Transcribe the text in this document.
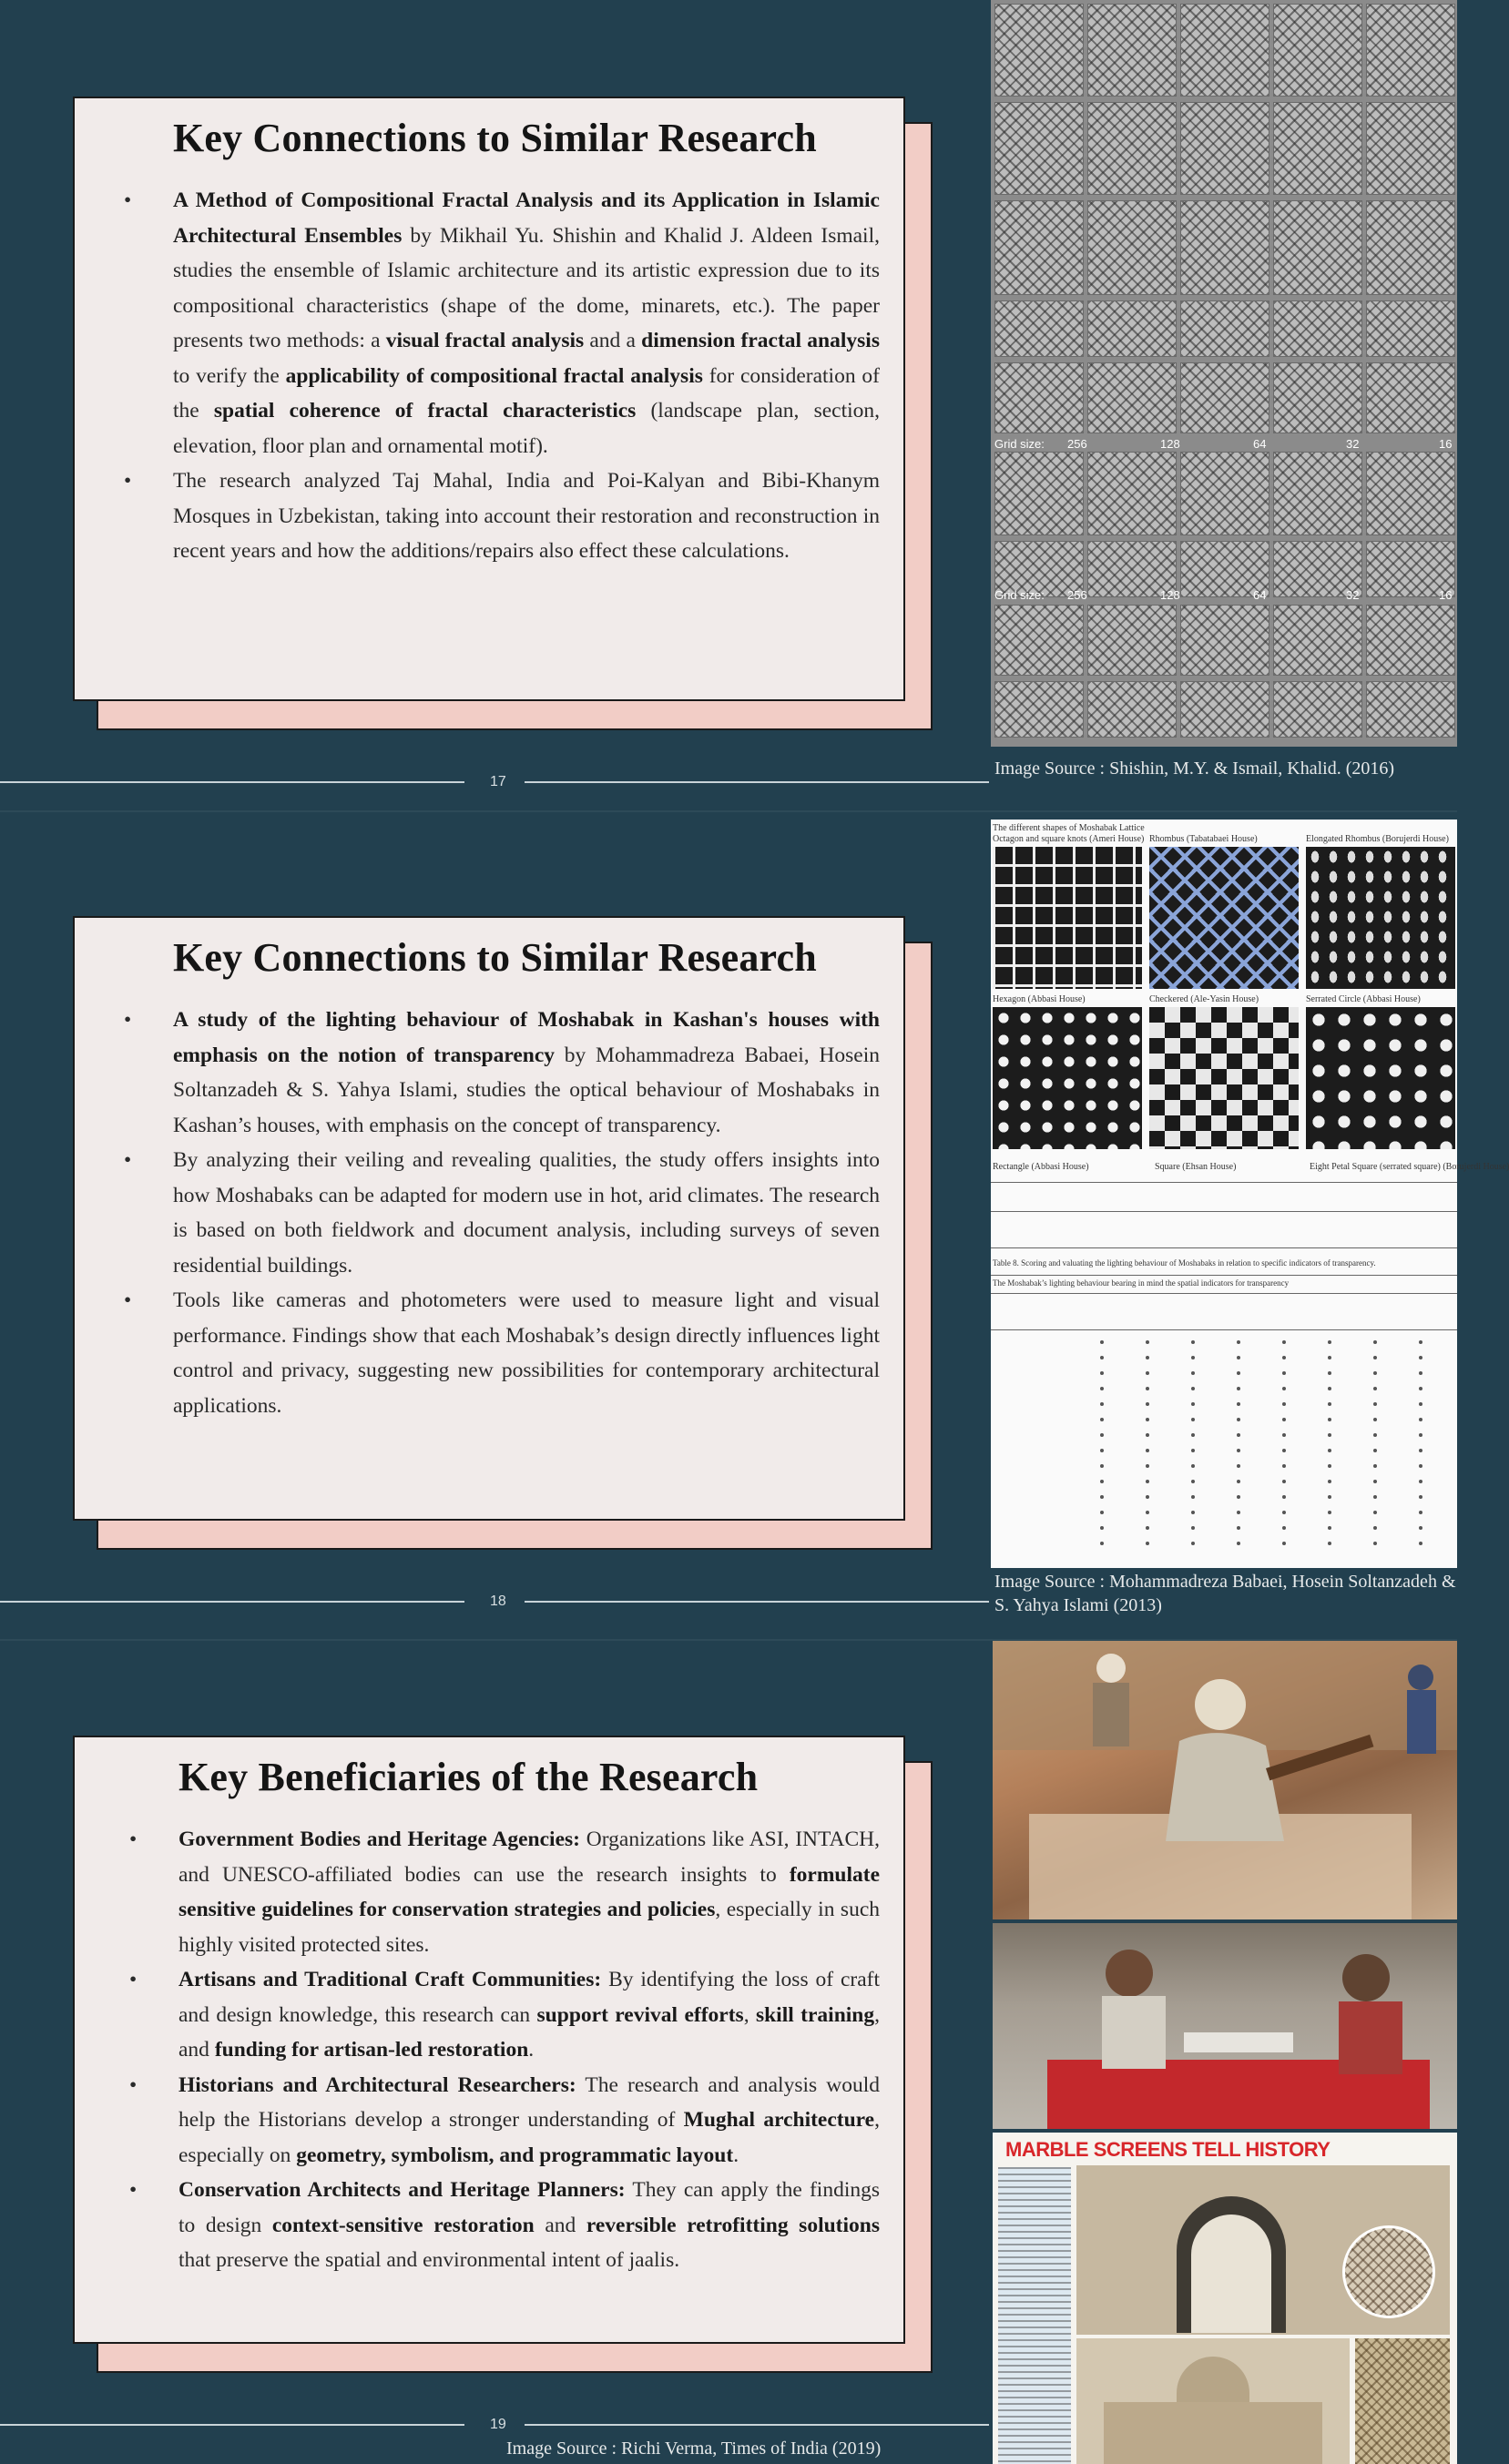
Key Connections to Similar Research
• A Method of Compositional Fractal Analysis and its Application in Islamic Architectural Ensembles by Mikhail Yu. Shishin and Khalid J. Aldeen Ismail, studies the ensemble of Islamic architecture and its artistic expression due to its compositional characteristics (shape of the dome, minarets, etc.). The paper presents two methods: a visual fractal analysis and a dimension fractal analysis to verify the applicability of compositional fractal analysis for consideration of the spatial coherence of fractal characteristics (landscape plan, section, elevation, floor plan and ornamental motif).
• The research analyzed Taj Mahal, India and Poi-Kalyan and Bibi-Khanym Mosques in Uzbekistan, taking into account their restoration and reconstruction in recent years and how the additions/repairs also effect these calculations.
17
Grid size:
Grid size:
256	128	64	32	16
256	128	64	32	16
Image Source : Shishin, M.Y. & Ismail, Khalid. (2016)
Key Connections to Similar Research
• A study of the lighting behaviour of Moshabak in Kashan's houses with emphasis on the notion of transparency by Mohammadreza Babaei, Hosein Soltanzadeh & S. Yahya Islami, studies the optical behaviour of Moshabaks in Kashan’s houses, with emphasis on the concept of transparency.
• By analyzing their veiling and revealing qualities, the study offers insights into how Moshabaks can be adapted for modern use in hot, arid climates. The research is based on both fieldwork and document analysis, including surveys of seven residential buildings.
• Tools like cameras and photometers were used to measure light and visual performance. Findings show that each Moshabak’s design directly influences light control and privacy, suggesting new possibilities for contemporary architectural applications.
18
The different shapes of Moshabak Lattice
Octagon and square knots (Ameri House) Rhombus (Tabatabaei House)	Elongated Rhombus (Borujerdi House)
Hexagon (Abbasi House)	Checkered (Ale-Yasin House)	Serrated Circle (Abbasi House)
Rectangle (Abbasi House)	Square (Ehsan House)	Eight Petal Square (serrated square) (Borujerdi House)
Table 8. Scoring and valuating the lighting behaviour of Moshabaks in relation to specific indicators of transparency.
The Moshabak’s lighting behaviour bearing in mind the spatial indicators for transparency
Image Source : Mohammadreza Babaei, Hosein Soltanzadeh &
S. Yahya Islami (2013)
Key Beneficiaries of the Research
• Government Bodies and Heritage Agencies: Organizations like ASI, INTACH, and UNESCO-affiliated bodies can use the research insights to formulate sensitive guidelines for conservation strategies and policies, especially in such highly visited protected sites.
• Artisans and Traditional Craft Communities: By identifying the loss of craft and design knowledge, this research can support revival efforts, skill training, and funding for artisan-led restoration.
• Historians and Architectural Researchers: The research and analysis would help the Historians develop a stronger understanding of Mughal architecture, especially on geometry, symbolism, and programmatic layout.
• Conservation Architects and Heritage Planners: They can apply the findings to design context-sensitive restoration and reversible retrofitting solutions that preserve the spatial and environmental intent of jaalis.
19
Image Source : Richi Verma, Times of India (2019)
MARBLE SCREENS TELL HISTORY
